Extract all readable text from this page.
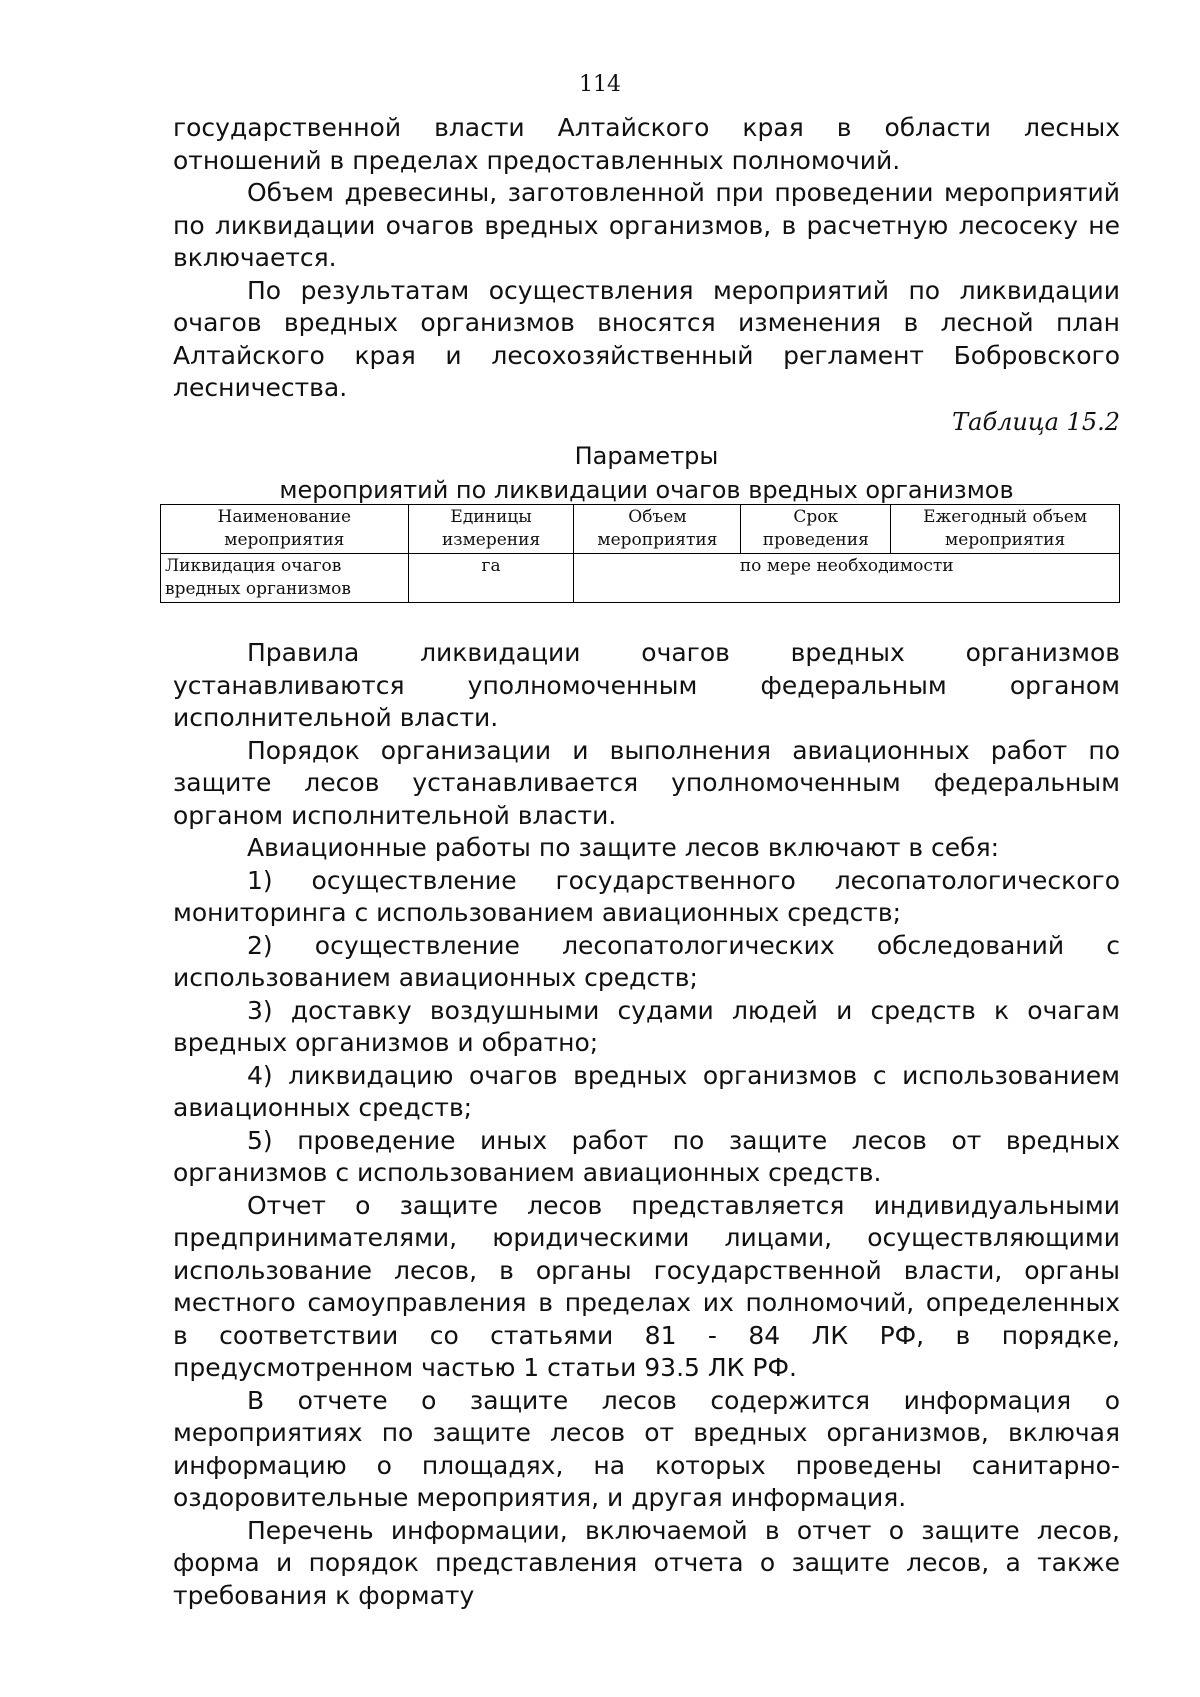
114

государственной власти Алтайского края в области лесных отношений в пределах предоставленных полномочий.

Объем древесины, заготовленной при проведении мероприятий по ликвидации очагов вредных организмов, в расчетную лесосеку не включается.

По результатам осуществления мероприятий по ликвидации очагов вредных организмов вносятся изменения в лесной план Алтайского края и лесохозяйственный регламент Бобровского лесничества.

Таблица 15.2
Параметры
мероприятий по ликвидации очагов вредных организмов
Наименование мероприятия	Единицы измерения	Объем мероприятия	Срок проведения	Ежегодный объем мероприятия
Ликвидация очагов вредных организмов	га	по мере необходимости		

Правила ликвидации очагов вредных организмов устанавливаются уполномоченным федеральным органом исполнительной власти.

Порядок организации и выполнения авиационных работ по защите лесов устанавливается уполномоченным федеральным органом исполнительной власти.

Авиационные работы по защите лесов включают в себя:

1) осуществление государственного лесопатологического мониторинга с использованием авиационных средств;

2) осуществление лесопатологических обследований с использованием авиационных средств;

3) доставку воздушными судами людей и средств к очагам вредных организмов и обратно;

4) ликвидацию очагов вредных организмов с использованием авиационных средств;

5) проведение иных работ по защите лесов от вредных организмов с использованием авиационных средств.

Отчет о защите лесов представляется индивидуальными предпринимателями, юридическими лицами, осуществляющими использование лесов, в органы государственной власти, органы местного самоуправления в пределах их полномочий, определенных в соответствии со статьями 81 - 84 ЛК РФ, в порядке, предусмотренном частью 1 статьи 93.5 ЛК РФ.

В отчете о защите лесов содержится информация о мероприятиях по защите лесов от вредных организмов, включая информацию о площадях, на которых проведены санитарно-оздоровительные мероприятия, и другая информация.

Перечень информации, включаемой в отчет о защите лесов, форма и порядок представления отчета о защите лесов, а также требования к формату
